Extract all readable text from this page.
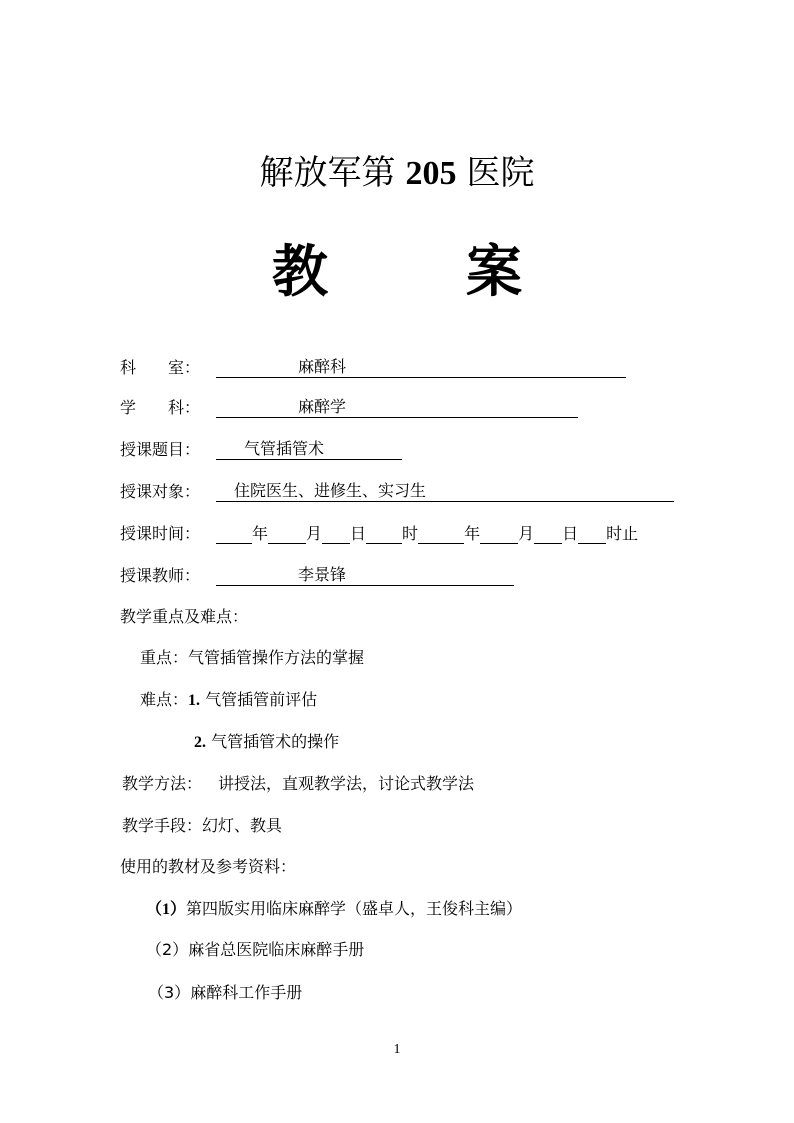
解放军第 205 医院
教 案
科　　室：	麻醉科
学　　科：	麻醉学
授课题目：	气管插管术
授课对象： 住院医生、进修生、实习生
授课时间：	年 月 日 时	年 月 日 时止
授课教师：	李景锋
教学重点及难点：
重点：气管插管操作方法的掌握
难点：1. 气管插管前评估
2. 气管插管术的操作
教学方法： 讲授法，直观教学法，讨论式教学法
教学手段：幻灯、教具
使用的教材及参考资料：
（1）第四版实用临床麻醉学（盛卓人，王俊科主编）
（2）麻省总医院临床麻醉手册
（3）麻醉科工作手册
1
